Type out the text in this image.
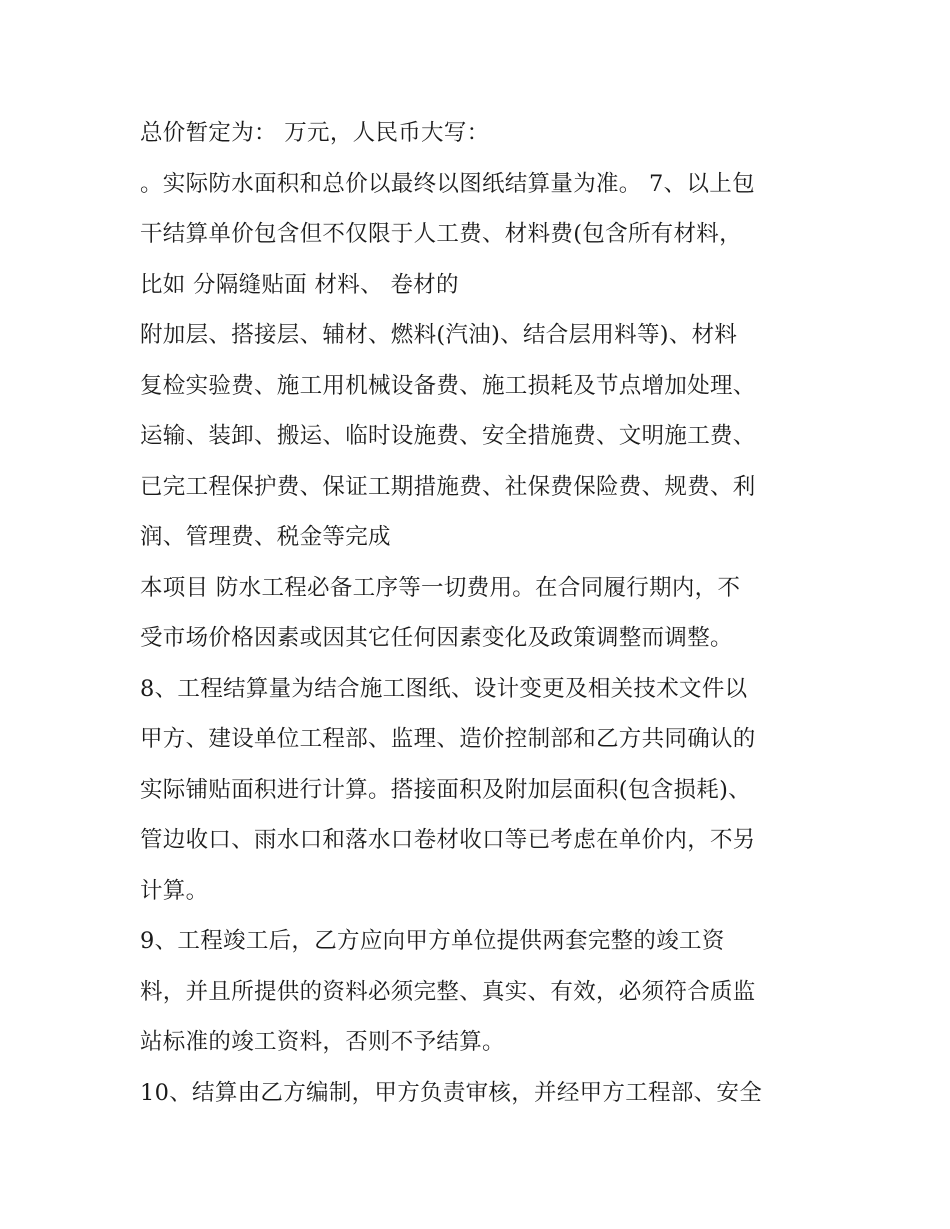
总价暂定为： 万元，人民币大写：
。实际防水面积和总价以最终以图纸结算量为准。 7、以上包
干结算单价包含但不仅限于人工费、材料费(包含所有材料，
比如 分隔缝贴面 材料、 卷材的
附加层、搭接层、辅材、燃料(汽油)、结合层用料等)、材料
复检实验费、施工用机械设备费、施工损耗及节点增加处理、
运输、装卸、搬运、临时设施费、安全措施费、文明施工费、
已完工程保护费、保证工期措施费、社保费保险费、规费、利
润、管理费、税金等完成
本项目 防水工程必备工序等一切费用。在合同履行期内，不
受市场价格因素或因其它任何因素变化及政策调整而调整。
8、工程结算量为结合施工图纸、设计变更及相关技术文件以
甲方、建设单位工程部、监理、造价控制部和乙方共同确认的
实际铺贴面积进行计算。搭接面积及附加层面积(包含损耗)、
管边收口、雨水口和落水口卷材收口等已考虑在单价内，不另
计算。
9、工程竣工后，乙方应向甲方单位提供两套完整的竣工资
料，并且所提供的资料必须完整、真实、有效，必须符合质监
站标准的竣工资料，否则不予结算。
10、结算由乙方编制，甲方负责审核，并经甲方工程部、安全
